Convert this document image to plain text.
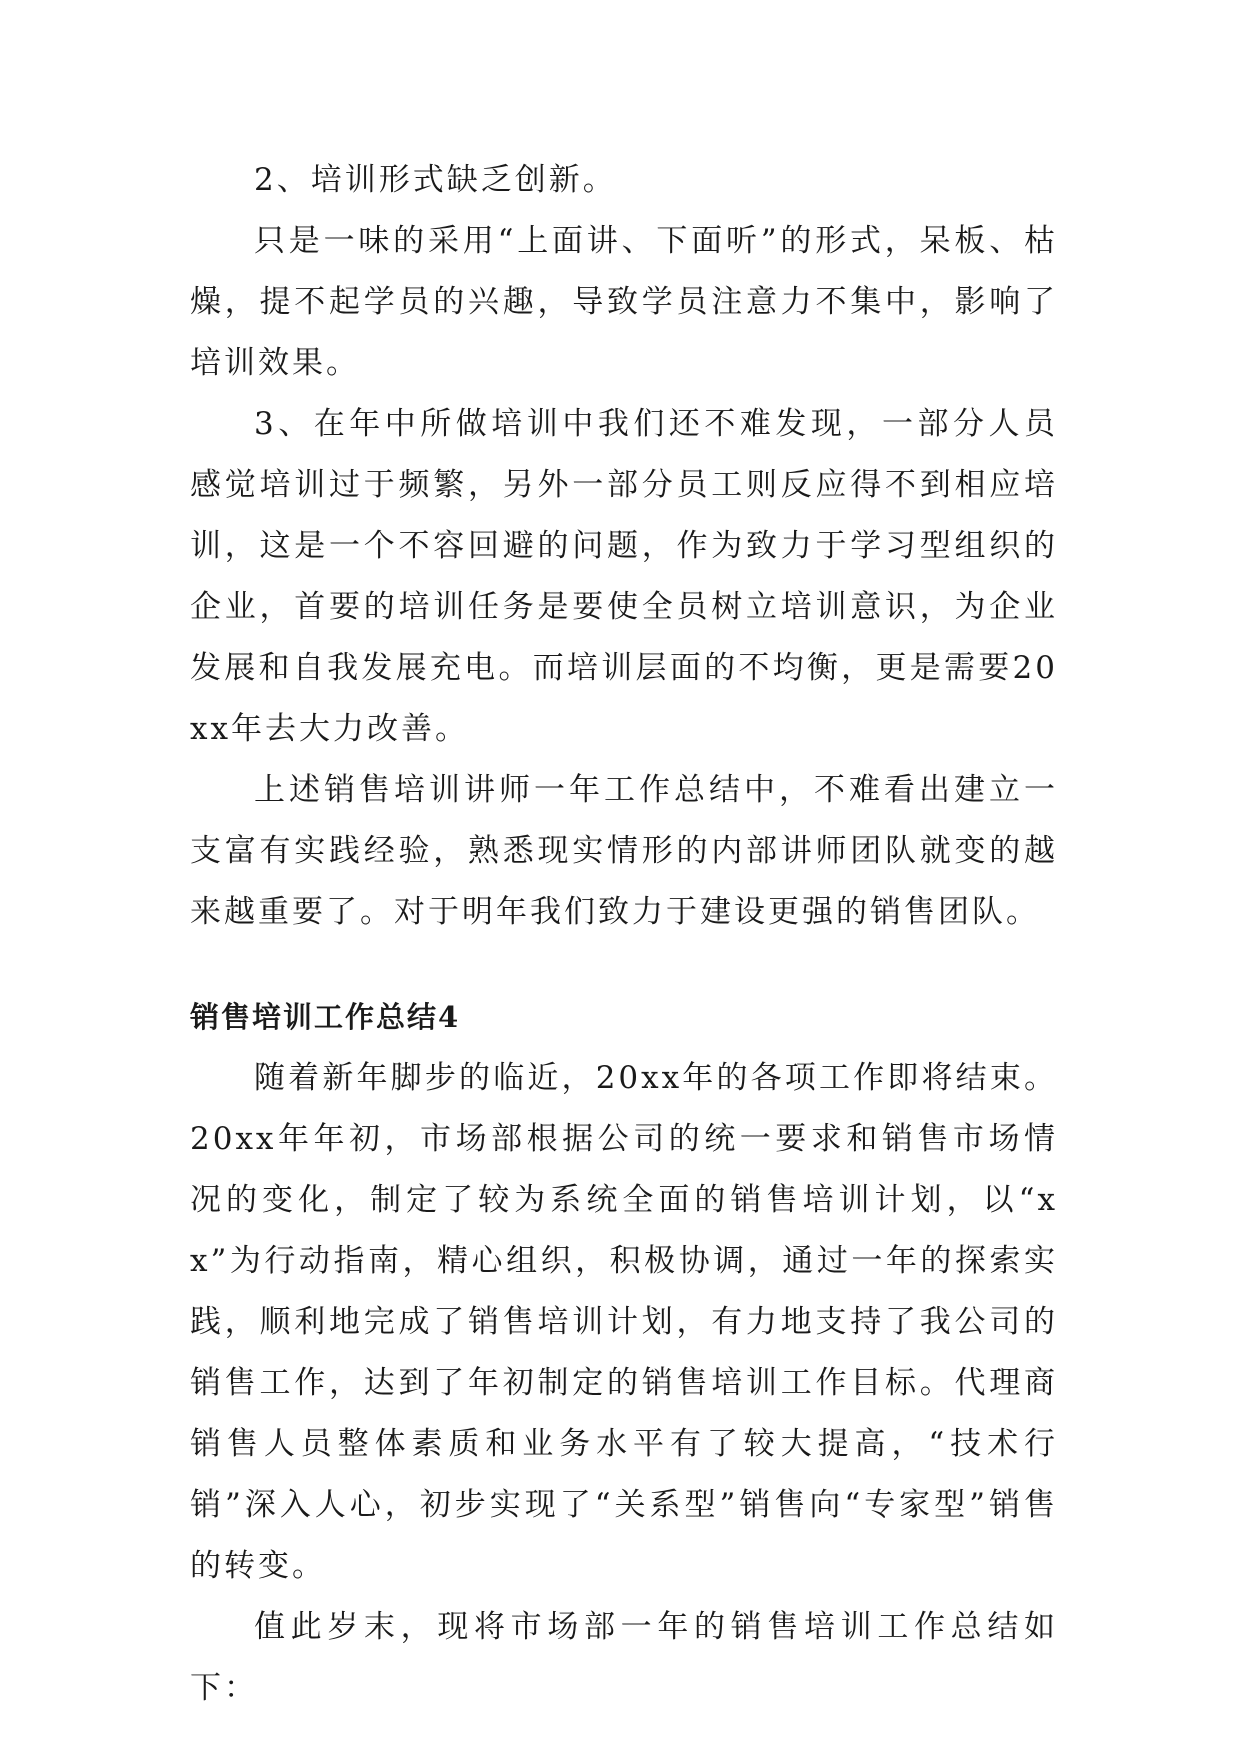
2、培训形式缺乏创新。

只是一味的采用“上面讲、下面听”的形式，呆板、枯燥，提不起学员的兴趣，导致学员注意力不集中，影响了培训效果。

3、在年中所做培训中我们还不难发现，一部分人员感觉培训过于频繁，另外一部分员工则反应得不到相应培训，这是一个不容回避的问题，作为致力于学习型组织的企业，首要的培训任务是要使全员树立培训意识，为企业发展和自我发展充电。而培训层面的不均衡，更是需要20xx年去大力改善。

上述销售培训讲师一年工作总结中，不难看出建立一支富有实践经验，熟悉现实情形的内部讲师团队就变的越来越重要了。对于明年我们致力于建设更强的销售团队。

销售培训工作总结4

随着新年脚步的临近，20xx年的各项工作即将结束。20xx年年初，市场部根据公司的统一要求和销售市场情况的变化，制定了较为系统全面的销售培训计划，以“xx”为行动指南，精心组织，积极协调，通过一年的探索实践，顺利地完成了销售培训计划，有力地支持了我公司的销售工作，达到了年初制定的销售培训工作目标。代理商销售人员整体素质和业务水平有了较大提高，“技术行销”深入人心，初步实现了“关系型”销售向“专家型”销售的转变。

值此岁末，现将市场部一年的销售培训工作总结如下：
